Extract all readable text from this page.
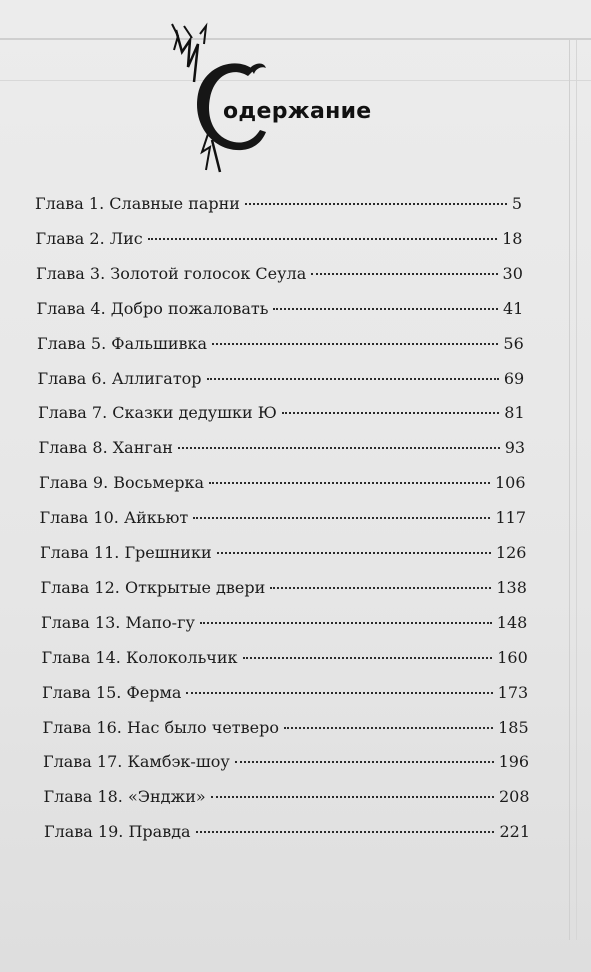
одержание
Глава 1. Славные парни	5
Глава 2. Лис	18
Глава 3. Золотой голосок Сеула	30
Глава 4. Добро пожаловать	41
Глава 5. Фальшивка	56
Глава 6. Аллигатор	69
Глава 7. Сказки дедушки Ю	81
Глава 8. Ханган	93
Глава 9. Восьмерка	106
Глава 10. Айкьют	117
Глава 11. Грешники	126
Глава 12. Открытые двери	138
Глава 13. Мапо-гу	148
Глава 14. Колокольчик	160
Глава 15. Ферма	173
Глава 16. Нас было четверо	185
Глава 17. Камбэк-шоу	196
Глава 18. «Энджи»	208
Глава 19. Правда	221
